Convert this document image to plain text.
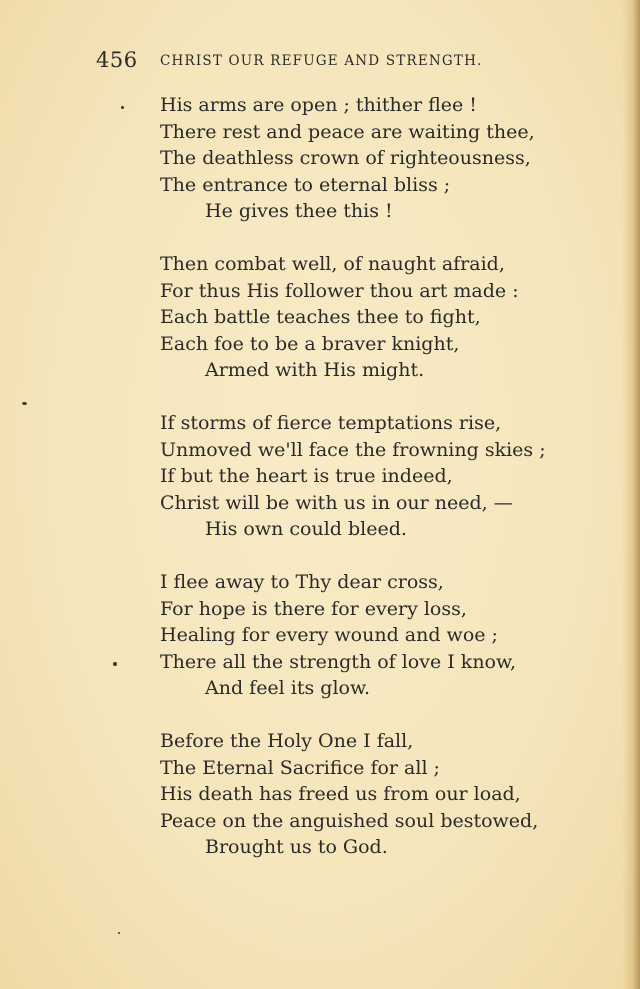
456 CHRIST OUR REFUGE AND STRENGTH.
His arms are open ; thither flee !
There rest and peace are waiting thee,
The deathless crown of righteousness,
The entrance to eternal bliss ;
He gives thee this !
Then combat well, of naught afraid,
For thus His follower thou art made :
Each battle teaches thee to fight,
Each foe to be a braver knight,
Armed with His might.
If storms of fierce temptations rise,
Unmoved we'll face the frowning skies ;
If but the heart is true indeed,
Christ will be with us in our need, —
His own could bleed.
I flee away to Thy dear cross,
For hope is there for every loss,
Healing for every wound and woe ;
There all the strength of love I know,
And feel its glow.
Before the Holy One I fall,
The Eternal Sacrifice for all ;
His death has freed us from our load,
Peace on the anguished soul bestowed,
Brought us to God.
